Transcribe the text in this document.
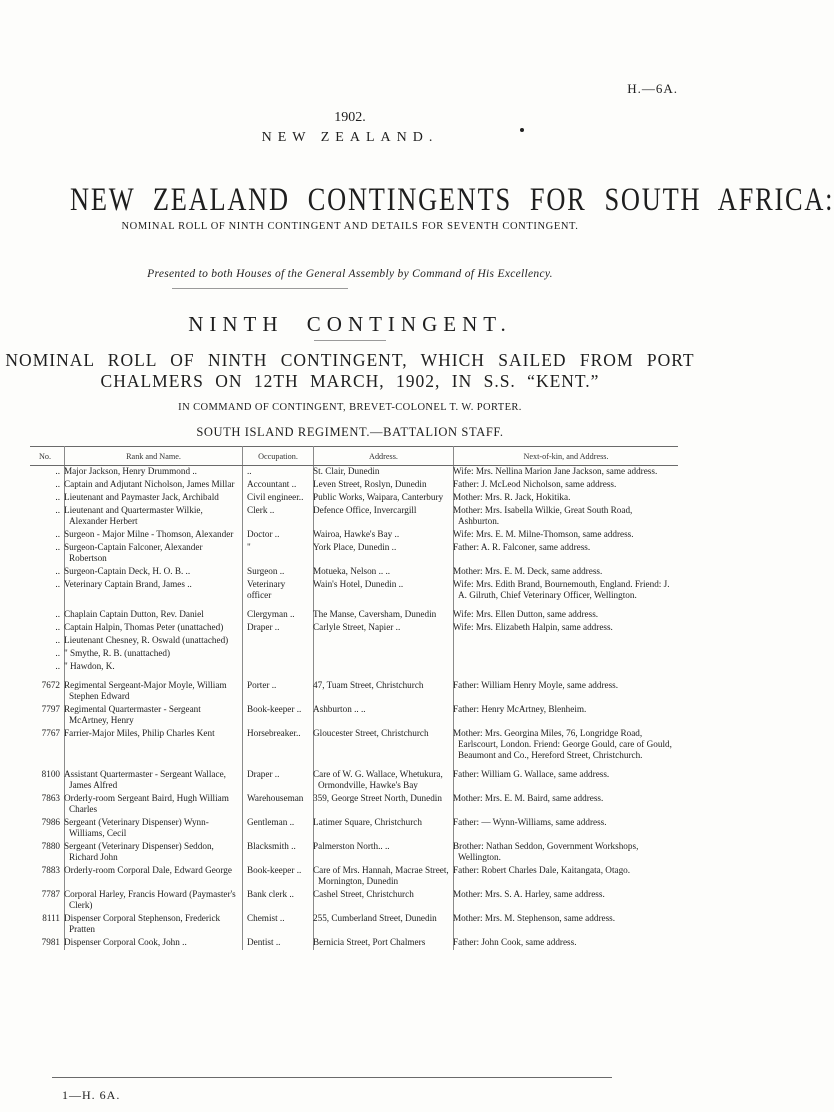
H.—6A.
1902.
NEW ZEALAND.
NEW ZEALAND CONTINGENTS FOR SOUTH AFRICA:
NOMINAL ROLL OF NINTH CONTINGENT AND DETAILS FOR SEVENTH CONTINGENT.
Presented to both Houses of the General Assembly by Command of His Excellency.
NINTH CONTINGENT.
NOMINAL ROLL OF NINTH CONTINGENT, WHICH SAILED FROM PORT
CHALMERS ON 12TH MARCH, 1902, IN S.S. “KENT.”
IN COMMAND OF CONTINGENT, BREVET-COLONEL T. W. PORTER.
SOUTH ISLAND REGIMENT.—BATTALION STAFF.
No.	Rank and Name.	Occupation.	Address.	Next-of-kin, and Address.
..	Major Jackson, Henry Drummond ..	..	St. Clair, Dunedin	Wife: Mrs. Nellina Marion Jane Jackson, same address.
..	Captain and Adjutant Nicholson, James Millar	Accountant ..	Leven Street, Roslyn, Dunedin	Father: J. McLeod Nicholson, same address.
..	Lieutenant and Paymaster Jack, Archibald	Civil engineer..	Public Works, Waipara, Canterbury	Mother: Mrs. R. Jack, Hokitika.
..	Lieutenant and Quartermaster Wilkie, Alexander Herbert	Clerk ..	Defence Office, Invercargill	Mother: Mrs. Isabella Wilkie, Great South Road, Ashburton.
..	Surgeon - Major Milne - Thomson, Alexander	Doctor ..	Wairoa, Hawke's Bay ..	Wife: Mrs. E. M. Milne-Thomson, same address.
..	Surgeon-Captain Falconer, Alexander Robertson	"	York Place, Dunedin ..	Father: A. R. Falconer, same address.
..	Surgeon-Captain Deck, H. O. B. ..	Surgeon ..	Motueka, Nelson .. ..	Mother: Mrs. E. M. Deck, same address.
..	Veterinary Captain Brand, James ..	Veterinary officer	Wain's Hotel, Dunedin ..	Wife: Mrs. Edith Brand, Bournemouth, England. Friend: J. A. Gilruth, Chief Veterinary Officer, Wellington.

..	Chaplain Captain Dutton, Rev. Daniel	Clergyman ..	The Manse, Caversham, Dunedin	Wife: Mrs. Ellen Dutton, same address.
..	Captain Halpin, Thomas Peter (unattached)	Draper ..	Carlyle Street, Napier ..	Wife: Mrs. Elizabeth Halpin, same address.
..	Lieutenant Chesney, R. Oswald (unattached)			
..	" Smythe, R. B. (unattached)			
..	" Hawdon, K.			

7672	Regimental Sergeant-Major Moyle, William Stephen Edward	Porter ..	47, Tuam Street, Christchurch	Father: William Henry Moyle, same address.
7797	Regimental Quartermaster - Sergeant McArtney, Henry	Book-keeper ..	Ashburton .. ..	Father: Henry McArtney, Blenheim.
7767	Farrier-Major Miles, Philip Charles Kent	Horsebreaker..	Gloucester Street, Christchurch	Mother: Mrs. Georgina Miles, 76, Longridge Road, Earlscourt, London. Friend: George Gould, care of Gould, Beaumont and Co., Hereford Street, Christchurch.

8100	Assistant Quartermaster - Sergeant Wallace, James Alfred	Draper ..	Care of W. G. Wallace, Whetukura, Ormondville, Hawke's Bay	Father: William G. Wallace, same address.
7863	Orderly-room Sergeant Baird, Hugh William Charles	Warehouseman	359, George Street North, Dunedin	Mother: Mrs. E. M. Baird, same address.
7986	Sergeant (Veterinary Dispenser) Wynn-Williams, Cecil	Gentleman ..	Latimer Square, Christchurch	Father: — Wynn-Williams, same address.
7880	Sergeant (Veterinary Dispenser) Seddon, Richard John	Blacksmith ..	Palmerston North.. ..	Brother: Nathan Seddon, Government Workshops, Wellington.
7883	Orderly-room Corporal Dale, Edward George	Book-keeper ..	Care of Mrs. Hannah, Macrae Street, Mornington, Dunedin	Father: Robert Charles Dale, Kaitangata, Otago.
7787	Corporal Harley, Francis Howard (Paymaster's Clerk)	Bank clerk ..	Cashel Street, Christchurch	Mother: Mrs. S. A. Harley, same address.
8111	Dispenser Corporal Stephenson, Frederick Pratten	Chemist ..	255, Cumberland Street, Dunedin	Mother: Mrs. M. Stephenson, same address.
7981	Dispenser Corporal Cook, John ..	Dentist ..	Bernicia Street, Port Chalmers	Father: John Cook, same address.
1—H. 6A.
